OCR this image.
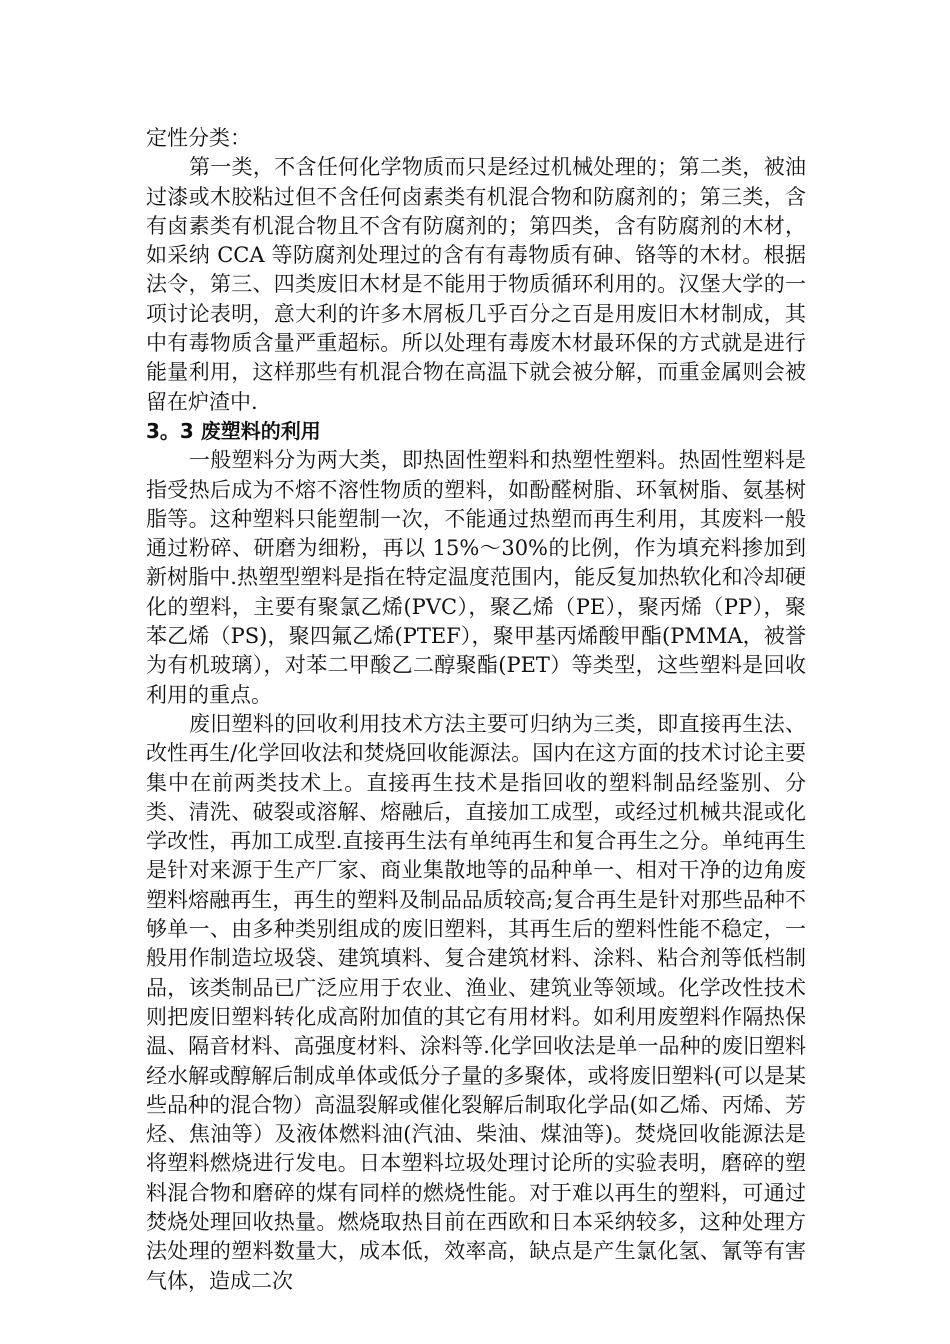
定性分类：

第一类，不含任何化学物质而只是经过机械处理的；第二类，被油过漆或木胶粘过但不含任何卤素类有机混合物和防腐剂的；第三类，含有卤素类有机混合物且不含有防腐剂的；第四类，含有防腐剂的木材，如采纳 CCA 等防腐剂处理过的含有有毒物质有砷、铬等的木材。根据法令，第三、四类废旧木材是不能用于物质循环利用的。汉堡大学的一项讨论表明，意大利的许多木屑板几乎百分之百是用废旧木材制成，其中有毒物质含量严重超标。所以处理有毒废木材最环保的方式就是进行能量利用，这样那些有机混合物在高温下就会被分解，而重金属则会被留在炉渣中.

3。3 废塑料的利用

一般塑料分为两大类，即热固性塑料和热塑性塑料。热固性塑料是指受热后成为不熔不溶性物质的塑料，如酚醛树脂、环氧树脂、氨基树脂等。这种塑料只能塑制一次，不能通过热塑而再生利用，其废料一般通过粉碎、研磨为细粉，再以 15%～30%的比例，作为填充料掺加到新树脂中.热塑型塑料是指在特定温度范围内，能反复加热软化和冷却硬化的塑料，主要有聚氯乙烯(PVC），聚乙烯（PE），聚丙烯（PP），聚苯乙烯（PS)，聚四氟乙烯(PTEF），聚甲基丙烯酸甲酯(PMMA，被誉为有机玻璃），对苯二甲酸乙二醇聚酯(PET）等类型，这些塑料是回收利用的重点。

废旧塑料的回收利用技术方法主要可归纳为三类，即直接再生法、改性再生/化学回收法和焚烧回收能源法。国内在这方面的技术讨论主要集中在前两类技术上。直接再生技术是指回收的塑料制品经鉴别、分类、清洗、破裂或溶解、熔融后，直接加工成型，或经过机械共混或化学改性，再加工成型.直接再生法有单纯再生和复合再生之分。单纯再生是针对来源于生产厂家、商业集散地等的品种单一、相对干净的边角废塑料熔融再生，再生的塑料及制品品质较高;复合再生是针对那些品种不够单一、由多种类别组成的废旧塑料，其再生后的塑料性能不稳定，一般用作制造垃圾袋、建筑填料、复合建筑材料、涂料、粘合剂等低档制品，该类制品已广泛应用于农业、渔业、建筑业等领域。化学改性技术则把废旧塑料转化成高附加值的其它有用材料。如利用废塑料作隔热保温、隔音材料、高强度材料、涂料等.化学回收法是单一品种的废旧塑料经水解或醇解后制成单体或低分子量的多聚体，或将废旧塑料(可以是某些品种的混合物）高温裂解或催化裂解后制取化学品(如乙烯、丙烯、芳烃、焦油等）及液体燃料油(汽油、柴油、煤油等)。焚烧回收能源法是将塑料燃烧进行发电。日本塑料垃圾处理讨论所的实验表明，磨碎的塑料混合物和磨碎的煤有同样的燃烧性能。对于难以再生的塑料，可通过焚烧处理回收热量。燃烧取热目前在西欧和日本采纳较多，这种处理方法处理的塑料数量大，成本低，效率高，缺点是产生氯化氢、氰等有害气体，造成二次
